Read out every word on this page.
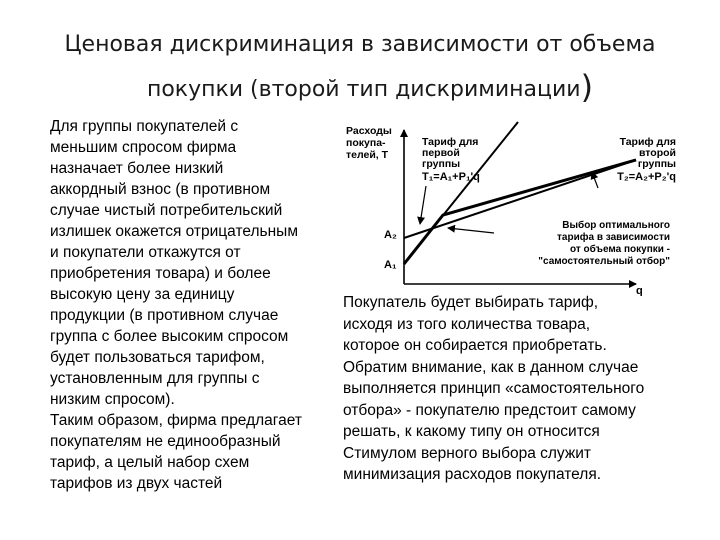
Ценовая дискриминация в зависимости от объема
покупки (второй тип дискриминации)
Для группы покупателей с
меньшим спросом фирма
назначает более низкий
аккордный взнос (в противном
случае чистый потребительский
излишек окажется отрицательным
и покупатели откажутся от
приобретения товара) и более
высокую цену за единицу
продукции (в противном случае
группа с более высоким спросом
будет пользоваться тарифом,
установленным для группы с
низким спросом).
Таким образом, фирма предлагает
покупателям не единообразный
тариф, а целый набор схем
тарифов из двух частей
Расходы
покупа-
телей, T
Тариф для
первой
группы
T₁=A₁+P₁'q
Тариф для
второй
группы
T₂=A₂+P₂'q
Выбор оптимального
тарифа в зависимости
от объема покупки -
"самостоятельный отбор"
A₂
A₁
q
Покупатель будет выбирать тариф,
исходя из того количества товара,
которое он собирается приобретать.
Обратим внимание, как в данном случае
выполняется принцип «самостоятельного
отбора» - покупателю предстоит самому
решать, к какому типу он относится
Стимулом верного выбора служит
минимизация расходов покупателя.
